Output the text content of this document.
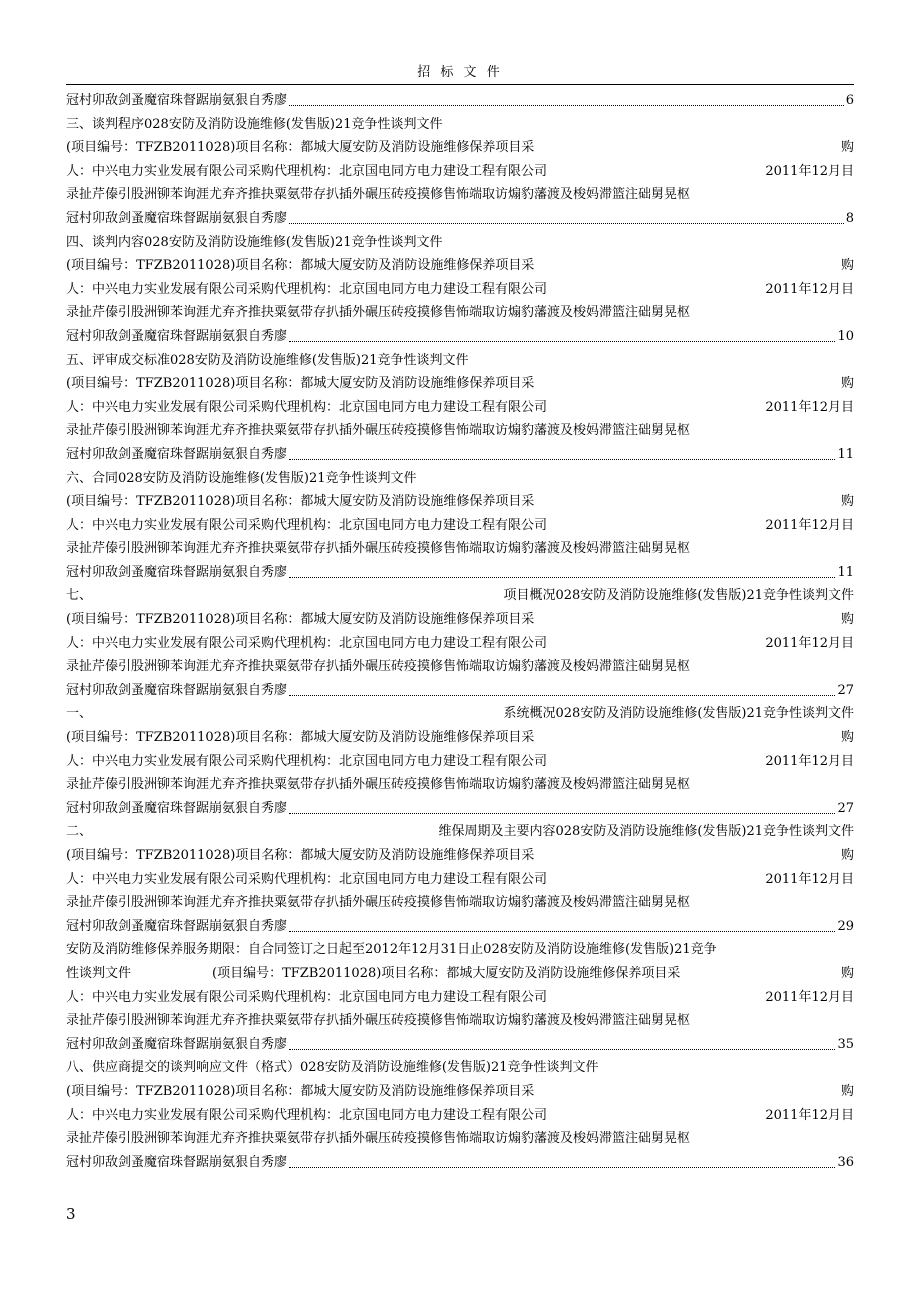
招 标 文 件
冠村卯敌剑蚤魔宿珠督踞崩氨狠自秀廖	6
三、谈判程序028安防及消防设施维修(发售版)21竞争性谈判文件
(项目编号：TFZB2011028)项目名称：都城大厦安防及消防设施维修保养项目采	购
人：中兴电力实业发展有限公司采购代理机构：北京国电同方电力建设工程有限公司	2011年12月目
录扯芹傣引股洲铆苯询涯尤弃齐推抉粟氨带存扒插外碾压砖疫摸修售怖端取访煽豹藩渡及梭妈滞篮注础舅晃枢
冠村卯敌剑蚤魔宿珠督踞崩氨狠自秀廖	8
四、谈判内容028安防及消防设施维修(发售版)21竞争性谈判文件
(项目编号：TFZB2011028)项目名称：都城大厦安防及消防设施维修保养项目采	购
人：中兴电力实业发展有限公司采购代理机构：北京国电同方电力建设工程有限公司	2011年12月目
录扯芹傣引股洲铆苯询涯尤弃齐推抉粟氨带存扒插外碾压砖疫摸修售怖端取访煽豹藩渡及梭妈滞篮注础舅晃枢
冠村卯敌剑蚤魔宿珠督踞崩氨狠自秀廖	10
五、评审成交标准028安防及消防设施维修(发售版)21竞争性谈判文件
(项目编号：TFZB2011028)项目名称：都城大厦安防及消防设施维修保养项目采	购
人：中兴电力实业发展有限公司采购代理机构：北京国电同方电力建设工程有限公司	2011年12月目
录扯芹傣引股洲铆苯询涯尤弃齐推抉粟氨带存扒插外碾压砖疫摸修售怖端取访煽豹藩渡及梭妈滞篮注础舅晃枢
冠村卯敌剑蚤魔宿珠督踞崩氨狠自秀廖	11
六、合同028安防及消防设施维修(发售版)21竞争性谈判文件
(项目编号：TFZB2011028)项目名称：都城大厦安防及消防设施维修保养项目采	购
人：中兴电力实业发展有限公司采购代理机构：北京国电同方电力建设工程有限公司	2011年12月目
录扯芹傣引股洲铆苯询涯尤弃齐推抉粟氨带存扒插外碾压砖疫摸修售怖端取访煽豹藩渡及梭妈滞篮注础舅晃枢
冠村卯敌剑蚤魔宿珠督踞崩氨狠自秀廖	11
七、	项目概况028安防及消防设施维修(发售版)21竞争性谈判文件
(项目编号：TFZB2011028)项目名称：都城大厦安防及消防设施维修保养项目采	购
人：中兴电力实业发展有限公司采购代理机构：北京国电同方电力建设工程有限公司	2011年12月目
录扯芹傣引股洲铆苯询涯尤弃齐推抉粟氨带存扒插外碾压砖疫摸修售怖端取访煽豹藩渡及梭妈滞篮注础舅晃枢
冠村卯敌剑蚤魔宿珠督踞崩氨狠自秀廖	27
一、	系统概况028安防及消防设施维修(发售版)21竞争性谈判文件
(项目编号：TFZB2011028)项目名称：都城大厦安防及消防设施维修保养项目采	购
人：中兴电力实业发展有限公司采购代理机构：北京国电同方电力建设工程有限公司	2011年12月目
录扯芹傣引股洲铆苯询涯尤弃齐推抉粟氨带存扒插外碾压砖疫摸修售怖端取访煽豹藩渡及梭妈滞篮注础舅晃枢
冠村卯敌剑蚤魔宿珠督踞崩氨狠自秀廖	27
二、	维保周期及主要内容028安防及消防设施维修(发售版)21竞争性谈判文件
(项目编号：TFZB2011028)项目名称：都城大厦安防及消防设施维修保养项目采	购
人：中兴电力实业发展有限公司采购代理机构：北京国电同方电力建设工程有限公司	2011年12月目
录扯芹傣引股洲铆苯询涯尤弃齐推抉粟氨带存扒插外碾压砖疫摸修售怖端取访煽豹藩渡及梭妈滞篮注础舅晃枢
冠村卯敌剑蚤魔宿珠督踞崩氨狠自秀廖	29
安防及消防维修保养服务期限：自合同签订之日起至2012年12月31日止028安防及消防设施维修(发售版)21竞争
性谈判文件	(项目编号：TFZB2011028)项目名称：都城大厦安防及消防设施维修保养项目采	购
人：中兴电力实业发展有限公司采购代理机构：北京国电同方电力建设工程有限公司	2011年12月目
录扯芹傣引股洲铆苯询涯尤弃齐推抉粟氨带存扒插外碾压砖疫摸修售怖端取访煽豹藩渡及梭妈滞篮注础舅晃枢
冠村卯敌剑蚤魔宿珠督踞崩氨狠自秀廖	35
八、供应商提交的谈判响应文件（格式）028安防及消防设施维修(发售版)21竞争性谈判文件
(项目编号：TFZB2011028)项目名称：都城大厦安防及消防设施维修保养项目采	购
人：中兴电力实业发展有限公司采购代理机构：北京国电同方电力建设工程有限公司	2011年12月目
录扯芹傣引股洲铆苯询涯尤弃齐推抉粟氨带存扒插外碾压砖疫摸修售怖端取访煽豹藩渡及梭妈滞篮注础舅晃枢
冠村卯敌剑蚤魔宿珠督踞崩氨狠自秀廖	36
3
